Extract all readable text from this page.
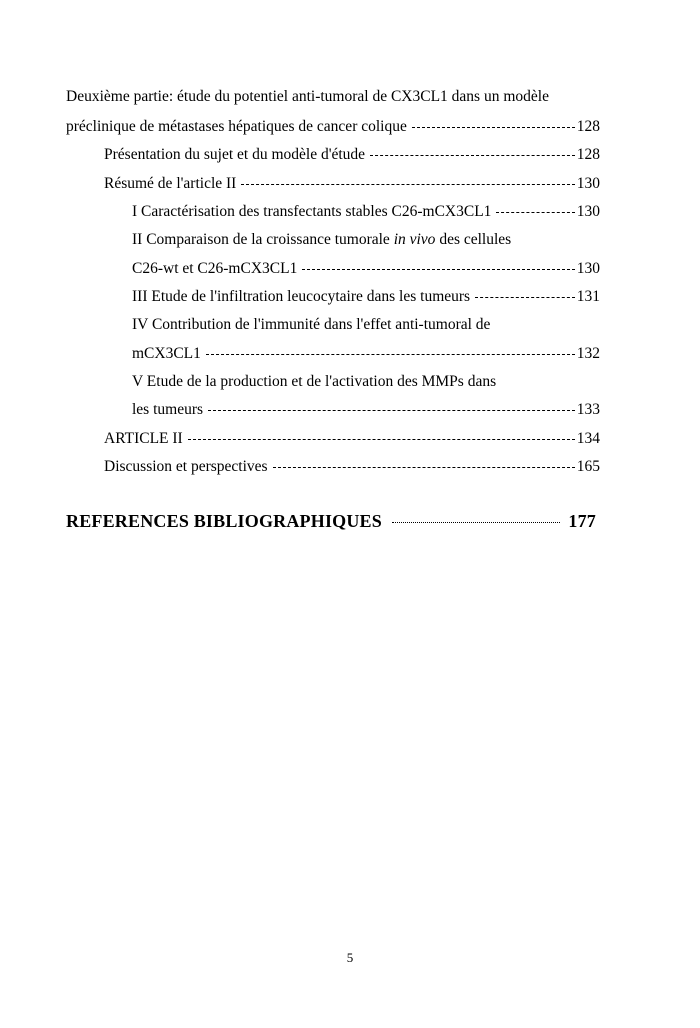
Deuxième partie: étude du potentiel anti-tumoral de CX3CL1 dans un modèle
préclinique de métastases hépatiques de cancer colique	128
Présentation du sujet et du modèle d'étude	128
Résumé de l'article II	130
I Caractérisation des transfectants stables C26-mCX3CL1	130
II Comparaison de la croissance tumorale in vivo des cellules
C26-wt et C26-mCX3CL1	130
III Etude de l'infiltration leucocytaire dans les tumeurs	131
IV Contribution de l'immunité dans l'effet anti-tumoral de
mCX3CL1	132
V Etude de la production et de l'activation des MMPs dans
les tumeurs	133
ARTICLE II	134
Discussion et perspectives	165
REFERENCES BIBLIOGRAPHIQUES	177
5
